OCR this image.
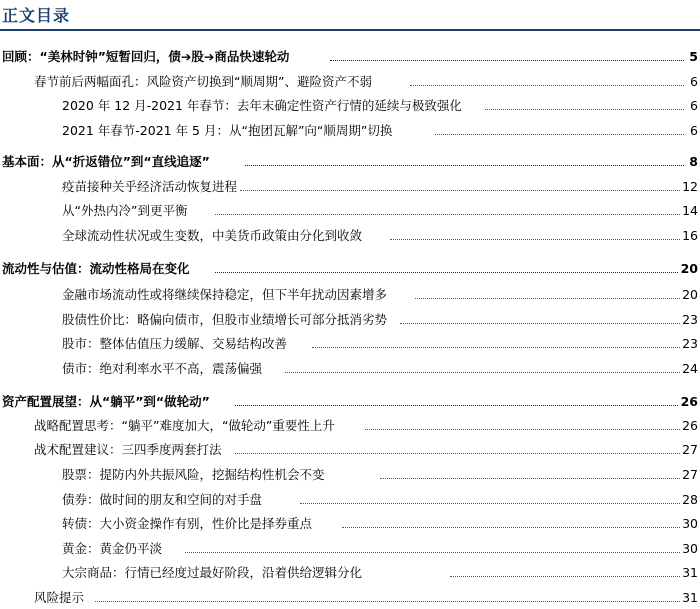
正文目录
回顾：“美林时钟”短暂回归，债➔股➔商品快速轮动	5
春节前后两幅面孔：风险资产切换到“顺周期”、避险资产不弱	6
2020 年 12 月-2021 年春节：去年末确定性资产行情的延续与极致强化	6
2021 年春节-2021 年 5 月：从“抱团瓦解”向“顺周期”切换	6
基本面：从“折返错位”到“直线追逐”	8
疫苗接种关乎经济活动恢复进程	12
从“外热内冷”到更平衡	14
全球流动性状况或生变数，中美货币政策由分化到收敛	16
流动性与估值：流动性格局在变化	20
金融市场流动性或将继续保持稳定，但下半年扰动因素增多	20
股债性价比：略偏向债市，但股市业绩增长可部分抵消劣势	23
股市：整体估值压力缓解、交易结构改善	23
债市：绝对利率水平不高，震荡偏强	24
资产配置展望：从“躺平”到“做轮动”	26
战略配置思考：“躺平”难度加大，“做轮动”重要性上升	26
战术配置建议：三四季度两套打法	27
股票：提防内外共振风险，挖掘结构性机会不变	27
债券：做时间的朋友和空间的对手盘	28
转债：大小资金操作有别，性价比是择券重点	30
黄金：黄金仍平淡	30
大宗商品：行情已经度过最好阶段，沿着供给逻辑分化	31
风险提示	31
